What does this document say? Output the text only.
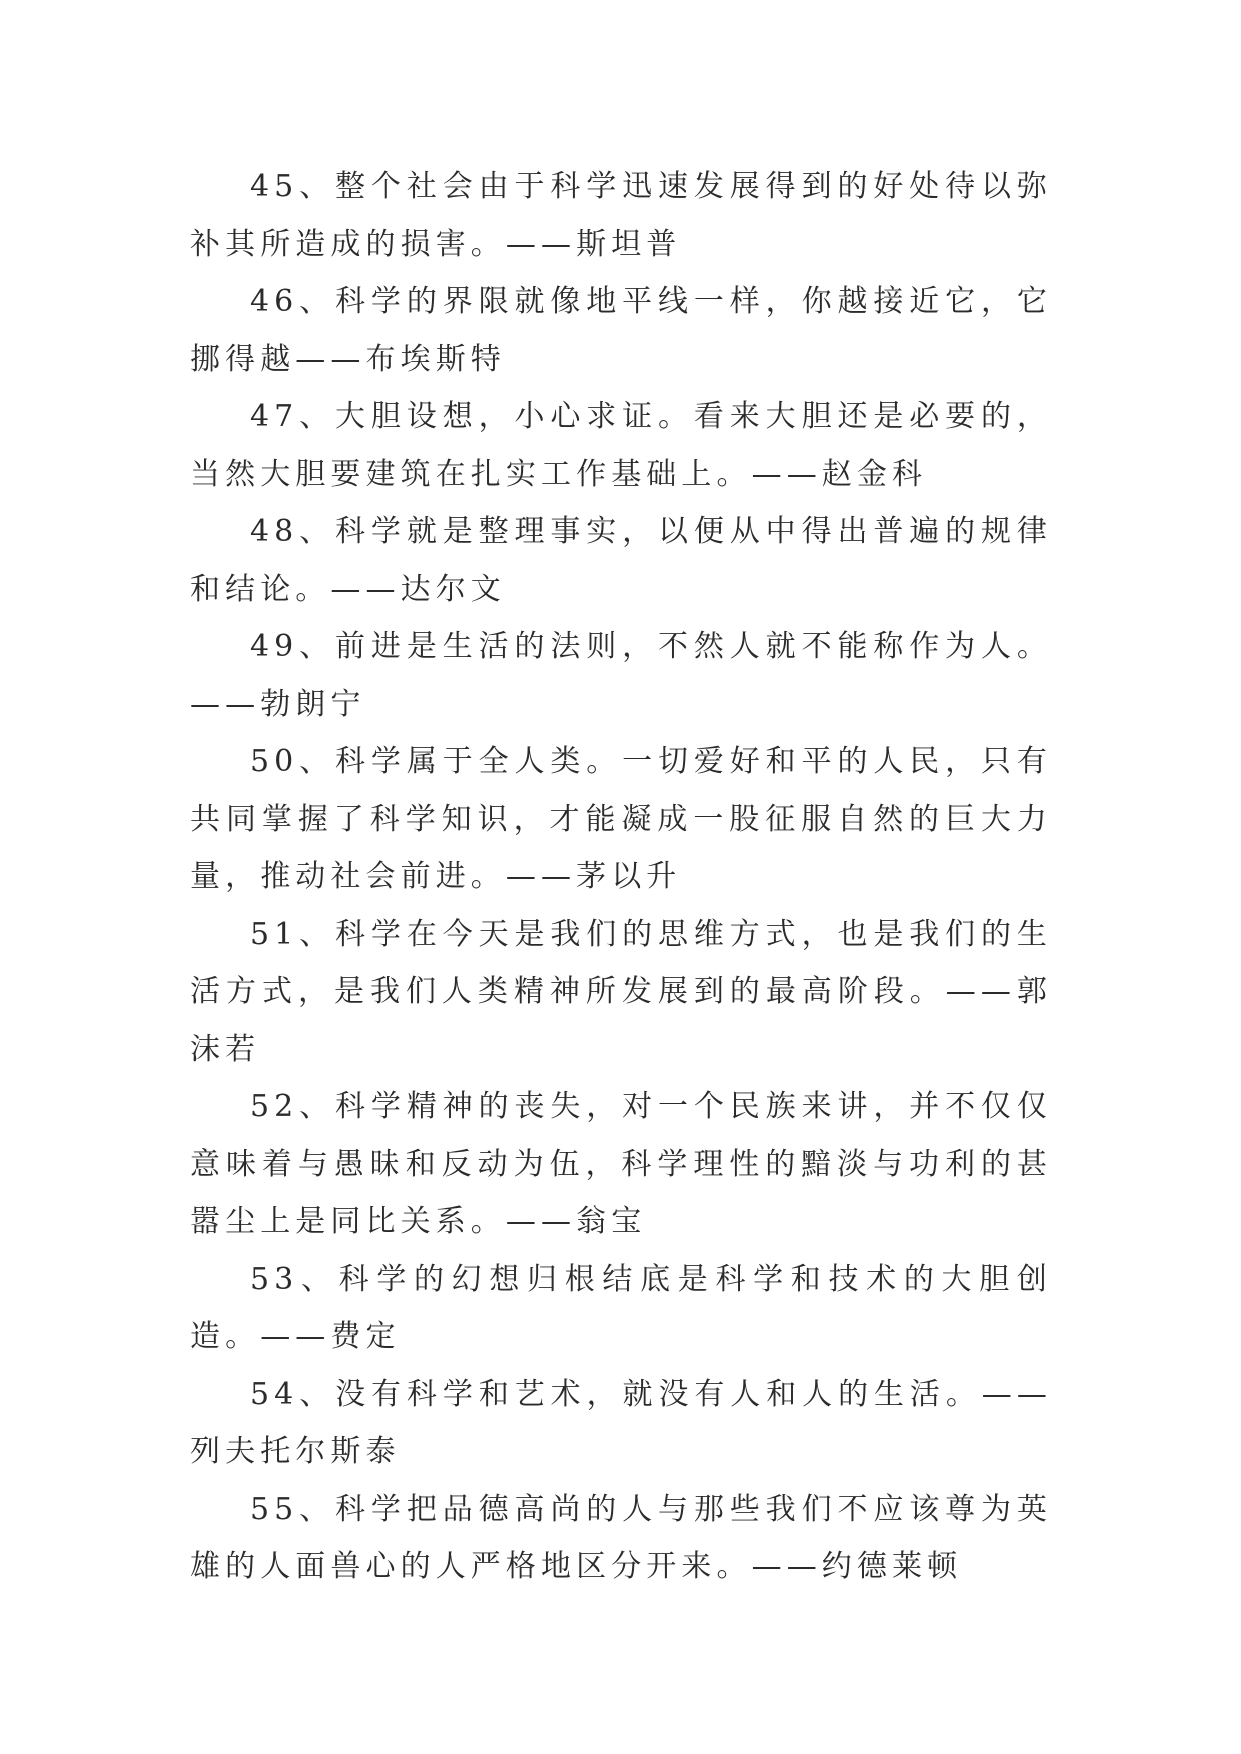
45、整个社会由于科学迅速发展得到的好处待以弥补其所造成的损害。——斯坦普

46、科学的界限就像地平线一样，你越接近它，它挪得越——布埃斯特

47、大胆设想，小心求证。看来大胆还是必要的，当然大胆要建筑在扎实工作基础上。——赵金科

48、科学就是整理事实，以便从中得出普遍的规律和结论。——达尔文

49、前进是生活的法则，不然人就不能称作为人。——勃朗宁

50、科学属于全人类。一切爱好和平的人民，只有共同掌握了科学知识，才能凝成一股征服自然的巨大力量，推动社会前进。——茅以升

51、科学在今天是我们的思维方式，也是我们的生活方式，是我们人类精神所发展到的最高阶段。——郭沫若

52、科学精神的丧失，对一个民族来讲，并不仅仅意味着与愚昧和反动为伍，科学理性的黯淡与功利的甚嚣尘上是同比关系。——翁宝

53、科学的幻想归根结底是科学和技术的大胆创造。——费定

54、没有科学和艺术，就没有人和人的生活。——列夫托尔斯泰

55、科学把品德高尚的人与那些我们不应该尊为英雄的人面兽心的人严格地区分开来。——约德莱顿
